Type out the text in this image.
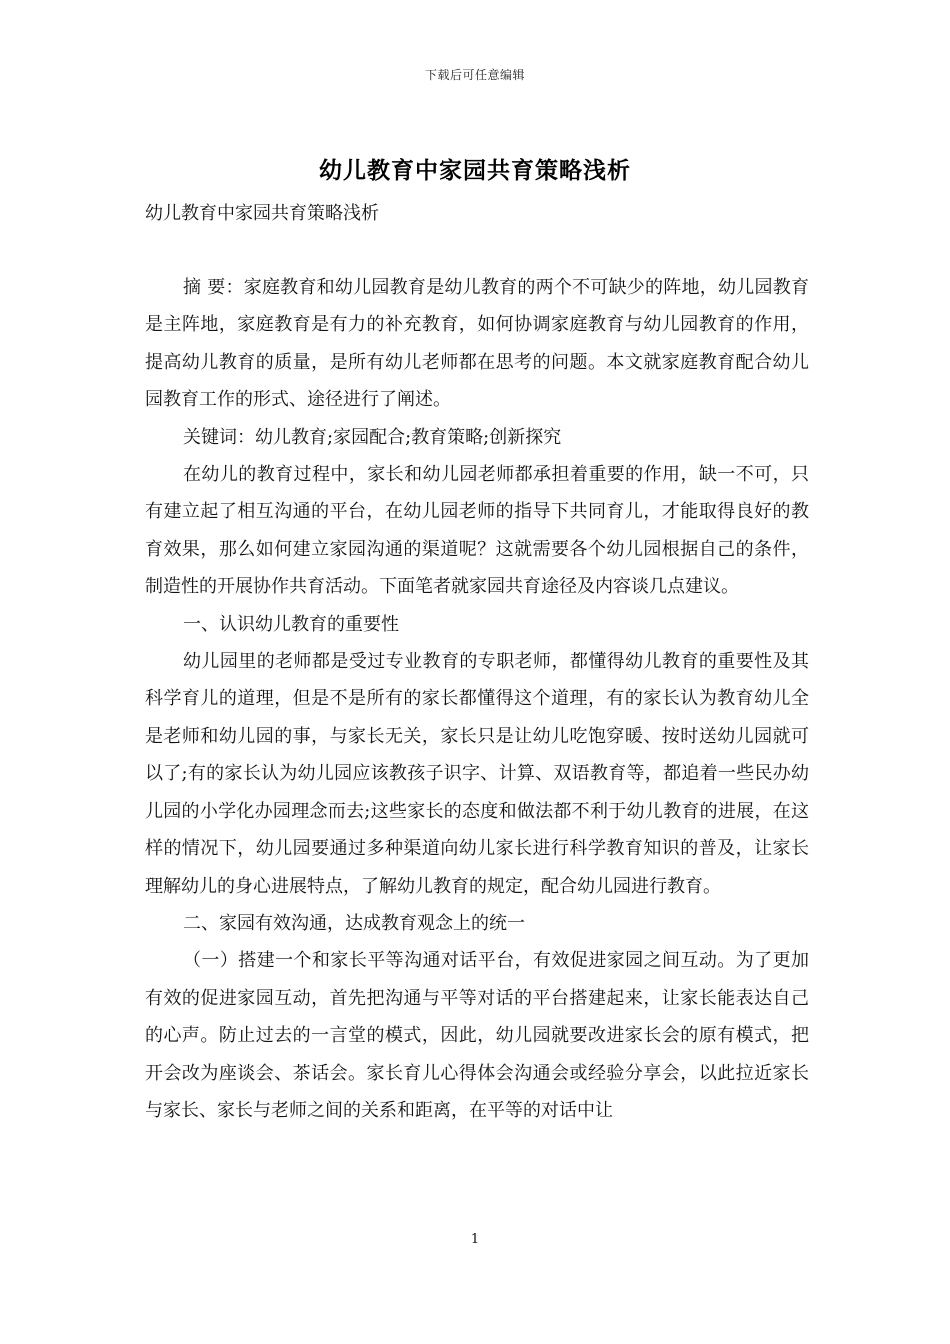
下载后可任意编辑
幼儿教育中家园共育策略浅析
幼儿教育中家园共育策略浅析

摘 要：家庭教育和幼儿园教育是幼儿教育的两个不可缺少的阵地，幼儿园教育是主阵地，家庭教育是有力的补充教育，如何协调家庭教育与幼儿园教育的作用，提高幼儿教育的质量，是所有幼儿老师都在思考的问题。本文就家庭教育配合幼儿园教育工作的形式、途径进行了阐述。

关键词：幼儿教育;家园配合;教育策略;创新探究

在幼儿的教育过程中，家长和幼儿园老师都承担着重要的作用，缺一不可，只有建立起了相互沟通的平台，在幼儿园老师的指导下共同育儿，才能取得良好的教育效果，那么如何建立家园沟通的渠道呢？这就需要各个幼儿园根据自己的条件，制造性的开展协作共育活动。下面笔者就家园共育途径及内容谈几点建议。

一、认识幼儿教育的重要性

幼儿园里的老师都是受过专业教育的专职老师，都懂得幼儿教育的重要性及其科学育儿的道理，但是不是所有的家长都懂得这个道理，有的家长认为教育幼儿全是老师和幼儿园的事，与家长无关，家长只是让幼儿吃饱穿暖、按时送幼儿园就可以了;有的家长认为幼儿园应该教孩子识字、计算、双语教育等，都追着一些民办幼儿园的小学化办园理念而去;这些家长的态度和做法都不利于幼儿教育的进展，在这样的情况下，幼儿园要通过多种渠道向幼儿家长进行科学教育知识的普及，让家长理解幼儿的身心进展特点，了解幼儿教育的规定，配合幼儿园进行教育。

二、家园有效沟通，达成教育观念上的统一

（一）搭建一个和家长平等沟通对话平台，有效促进家园之间互动。为了更加有效的促进家园互动，首先把沟通与平等对话的平台搭建起来，让家长能表达自己的心声。防止过去的一言堂的模式，因此，幼儿园就要改进家长会的原有模式，把开会改为座谈会、茶话会。家长育儿心得体会沟通会或经验分享会，以此拉近家长与家长、家长与老师之间的关系和距离，在平等的对话中让

1
